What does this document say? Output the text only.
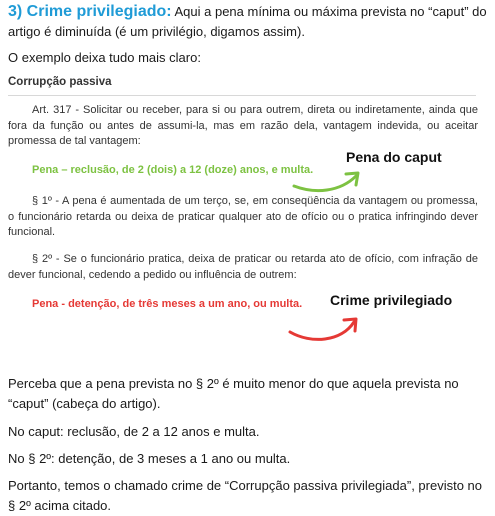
3) Crime privilegiado: Aqui a pena mínima ou máxima prevista no “caput” do artigo é diminuída (é um privilégio, digamos assim).
O exemplo deixa tudo mais claro:
Corrupção passiva
Art. 317 - Solicitar ou receber, para si ou para outrem, direta ou indiretamente, ainda que fora da função ou antes de assumi-la, mas em razão dela, vantagem indevida, ou aceitar promessa de tal vantagem:
Pena – reclusão, de 2 (dois) a 12 (doze) anos, e multa.
Pena do caput
§ 1º - A pena é aumentada de um terço, se, em conseqüência da vantagem ou promessa, o funcionário retarda ou deixa de praticar qualquer ato de ofício ou o pratica infringindo dever funcional.
§ 2º - Se o funcionário pratica, deixa de praticar ou retarda ato de ofício, com infração de dever funcional, cedendo a pedido ou influência de outrem:
Pena - detenção, de três meses a um ano, ou multa. Crime privilegiado
Perceba que a pena prevista no § 2º é muito menor do que aquela prevista no “caput” (cabeça do artigo).
No caput: reclusão, de 2 a 12 anos e multa.
No § 2º: detenção, de 3 meses a 1 ano ou multa.
Portanto, temos o chamado crime de “Corrupção passiva privilegiada”, previsto no § 2º acima citado.
